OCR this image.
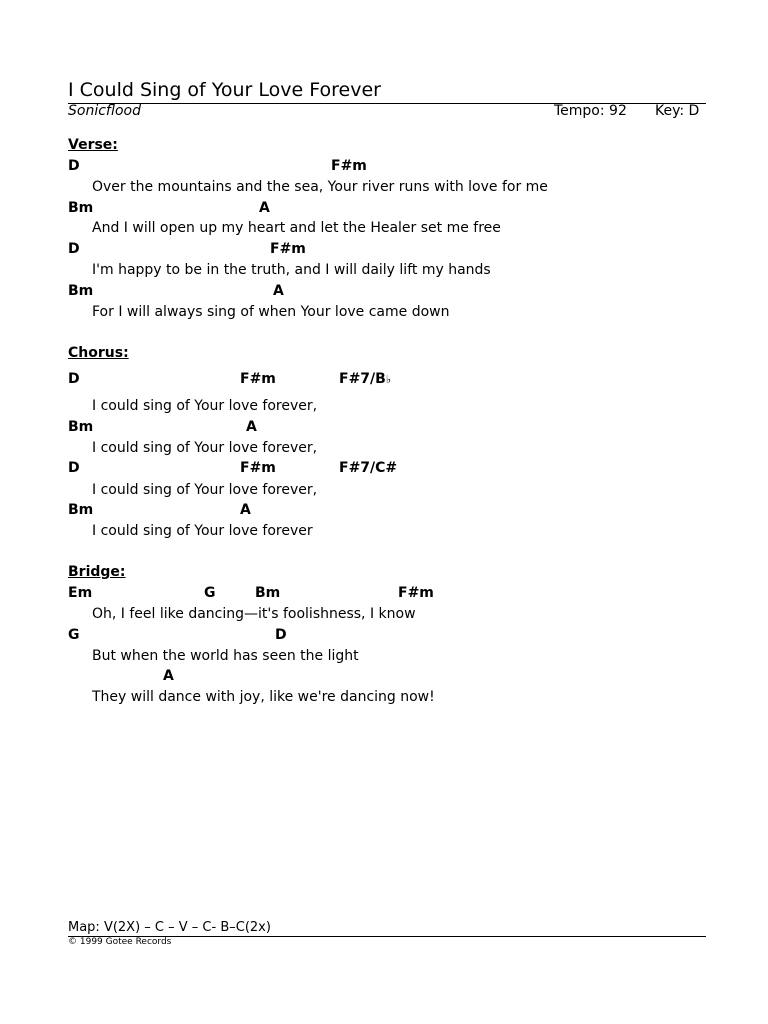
I Could Sing of Your Love Forever
Sonicflood	Tempo: 92 Key: D
Verse:
D	F#m
Over the mountains and the sea, Your river runs with love for me
Bm	A
And I will open up my heart and let the Healer set me free
D	F#m
I'm happy to be in the truth, and I will daily lift my hands
Bm	A
For I will always sing of when Your love came down
Chorus:
D	F#m	F#7/B♭
I could sing of Your love forever,
Bm	A
I could sing of Your love forever,
D	F#m	F#7/C#
I could sing of Your love forever,
Bm	A
I could sing of Your love forever
Bridge:
Em	G	Bm	F#m
Oh, I feel like dancing—it's foolishness, I know
G	D
But when the world has seen the light
A
They will dance with joy, like we're dancing now!
Map: V(2X) – C – V – C- B–C(2x)
© 1999 Gotee Records
